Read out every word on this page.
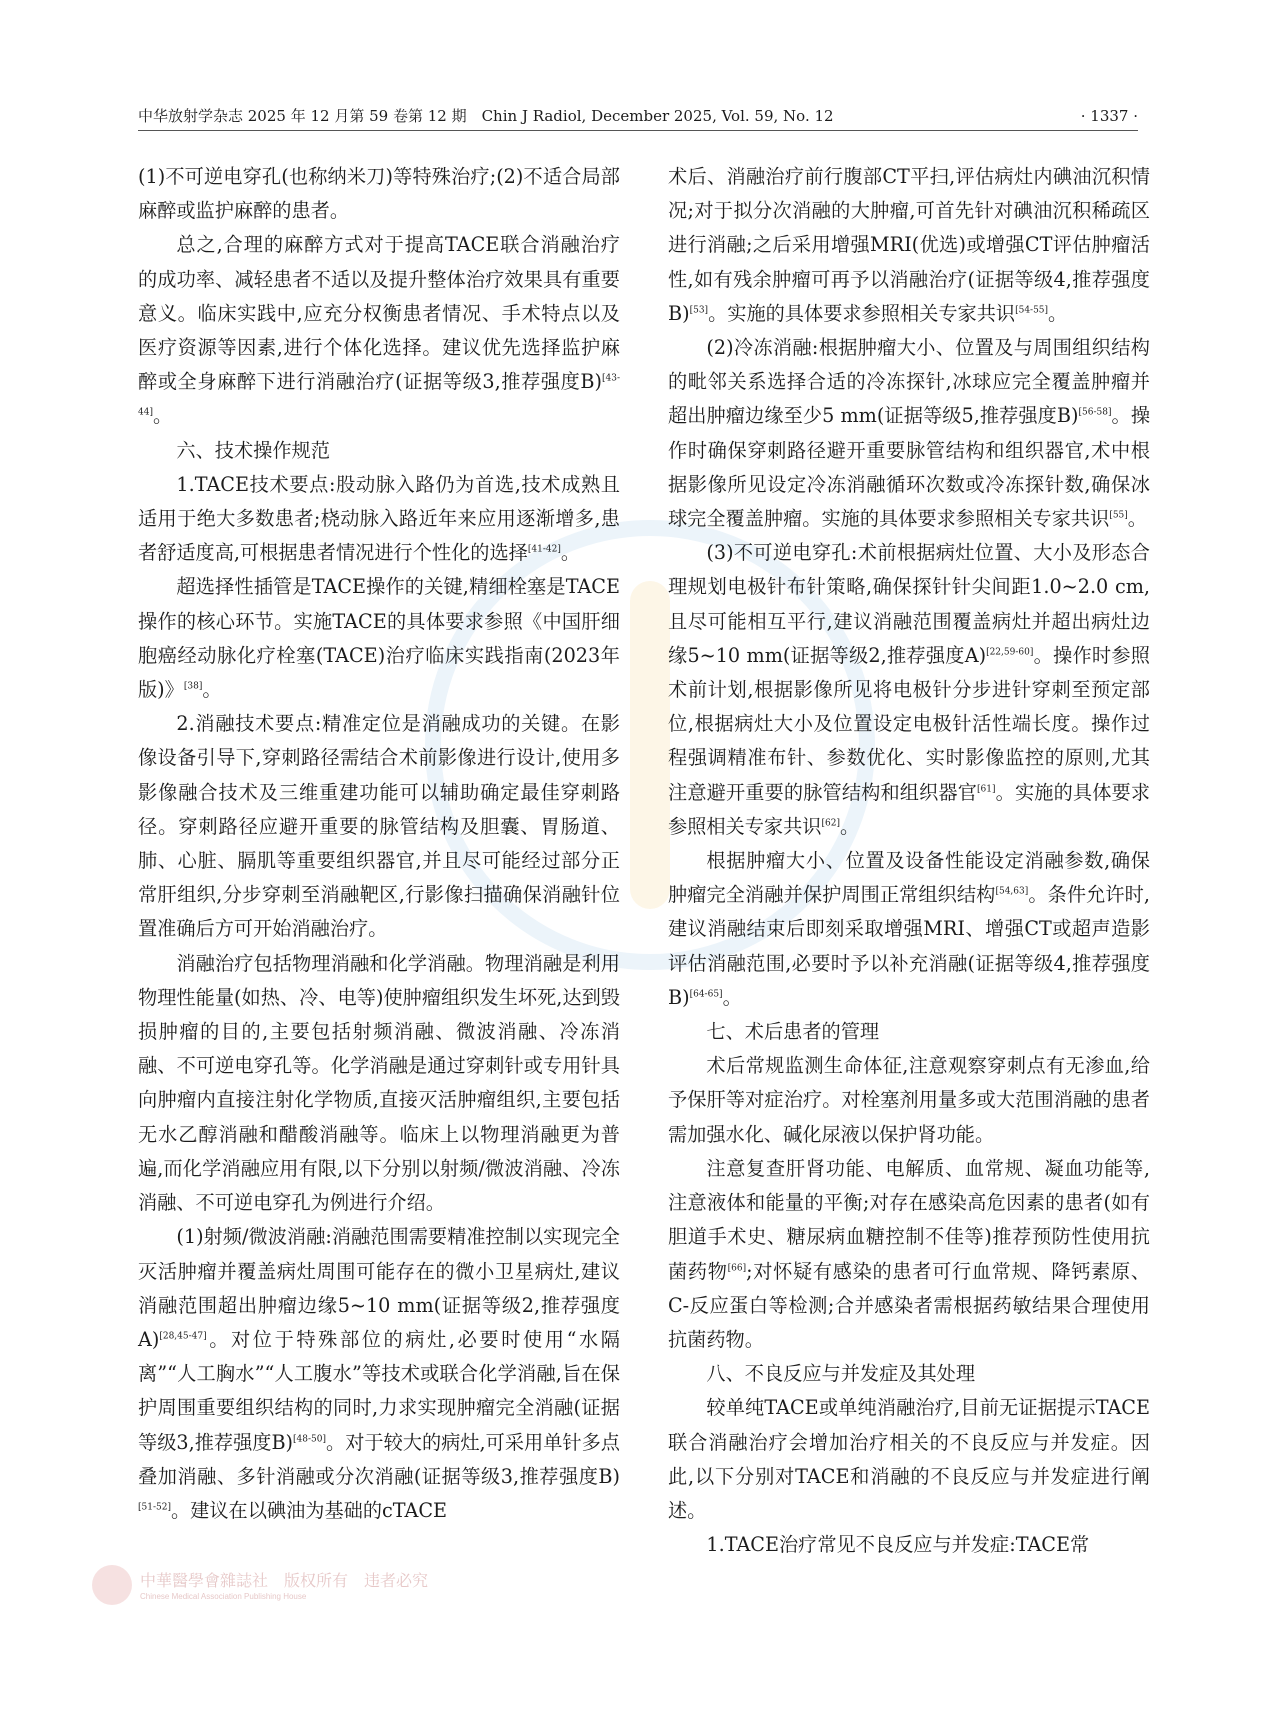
中华放射学杂志 2025 年 12 月第 59 卷第 12 期　Chin J Radiol, December 2025, Vol. 59, No. 12	· 1337 ·

(1)不可逆电穿孔(也称纳米刀)等特殊治疗;(2)不适合局部麻醉或监护麻醉的患者。

总之,合理的麻醉方式对于提高TACE联合消融治疗的成功率、减轻患者不适以及提升整体治疗效果具有重要意义。临床实践中,应充分权衡患者情况、手术特点以及医疗资源等因素,进行个体化选择。建议优先选择监护麻醉或全身麻醉下进行消融治疗(证据等级3,推荐强度B)[43-44]。

六、技术操作规范

1.TACE技术要点:股动脉入路仍为首选,技术成熟且适用于绝大多数患者;桡动脉入路近年来应用逐渐增多,患者舒适度高,可根据患者情况进行个性化的选择[41-42]。

超选择性插管是TACE操作的关键,精细栓塞是TACE操作的核心环节。实施TACE的具体要求参照《中国肝细胞癌经动脉化疗栓塞(TACE)治疗临床实践指南(2023年版)》[38]。

2.消融技术要点:精准定位是消融成功的关键。在影像设备引导下,穿刺路径需结合术前影像进行设计,使用多影像融合技术及三维重建功能可以辅助确定最佳穿刺路径。穿刺路径应避开重要的脉管结构及胆囊、胃肠道、肺、心脏、膈肌等重要组织器官,并且尽可能经过部分正常肝组织,分步穿刺至消融靶区,行影像扫描确保消融针位置准确后方可开始消融治疗。

消融治疗包括物理消融和化学消融。物理消融是利用物理性能量(如热、冷、电等)使肿瘤组织发生坏死,达到毁损肿瘤的目的,主要包括射频消融、微波消融、冷冻消融、不可逆电穿孔等。化学消融是通过穿刺针或专用针具向肿瘤内直接注射化学物质,直接灭活肿瘤组织,主要包括无水乙醇消融和醋酸消融等。临床上以物理消融更为普遍,而化学消融应用有限,以下分别以射频/微波消融、冷冻消融、不可逆电穿孔为例进行介绍。

(1)射频/微波消融:消融范围需要精准控制以实现完全灭活肿瘤并覆盖病灶周围可能存在的微小卫星病灶,建议消融范围超出肿瘤边缘5~10 mm(证据等级2,推荐强度A)[28,45-47]。对位于特殊部位的病灶,必要时使用“水隔离”“人工胸水”“人工腹水”等技术或联合化学消融,旨在保护周围重要组织结构的同时,力求实现肿瘤完全消融(证据等级3,推荐强度B)[48-50]。对于较大的病灶,可采用单针多点叠加消融、多针消融或分次消融(证据等级3,推荐强度B)[51-52]。建议在以碘油为基础的cTACE

术后、消融治疗前行腹部CT平扫,评估病灶内碘油沉积情况;对于拟分次消融的大肿瘤,可首先针对碘油沉积稀疏区进行消融;之后采用增强MRI(优选)或增强CT评估肿瘤活性,如有残余肿瘤可再予以消融治疗(证据等级4,推荐强度B)[53]。实施的具体要求参照相关专家共识[54-55]。

(2)冷冻消融:根据肿瘤大小、位置及与周围组织结构的毗邻关系选择合适的冷冻探针,冰球应完全覆盖肿瘤并超出肿瘤边缘至少5 mm(证据等级5,推荐强度B)[56-58]。操作时确保穿刺路径避开重要脉管结构和组织器官,术中根据影像所见设定冷冻消融循环次数或冷冻探针数,确保冰球完全覆盖肿瘤。实施的具体要求参照相关专家共识[55]。

(3)不可逆电穿孔:术前根据病灶位置、大小及形态合理规划电极针布针策略,确保探针针尖间距1.0~2.0 cm,且尽可能相互平行,建议消融范围覆盖病灶并超出病灶边缘5~10 mm(证据等级2,推荐强度A)[22,59-60]。操作时参照术前计划,根据影像所见将电极针分步进针穿刺至预定部位,根据病灶大小及位置设定电极针活性端长度。操作过程强调精准布针、参数优化、实时影像监控的原则,尤其注意避开重要的脉管结构和组织器官[61]。实施的具体要求参照相关专家共识[62]。

根据肿瘤大小、位置及设备性能设定消融参数,确保肿瘤完全消融并保护周围正常组织结构[54,63]。条件允许时,建议消融结束后即刻采取增强MRI、增强CT或超声造影评估消融范围,必要时予以补充消融(证据等级4,推荐强度B)[64-65]。

七、术后患者的管理

术后常规监测生命体征,注意观察穿刺点有无渗血,给予保肝等对症治疗。对栓塞剂用量多或大范围消融的患者需加强水化、碱化尿液以保护肾功能。

注意复查肝肾功能、电解质、血常规、凝血功能等,注意液体和能量的平衡;对存在感染高危因素的患者(如有胆道手术史、糖尿病血糖控制不佳等)推荐预防性使用抗菌药物[66];对怀疑有感染的患者可行血常规、降钙素原、C-反应蛋白等检测;合并感染者需根据药敏结果合理使用抗菌药物。

八、不良反应与并发症及其处理

较单纯TACE或单纯消融治疗,目前无证据提示TACE联合消融治疗会增加治疗相关的不良反应与并发症。因此,以下分别对TACE和消融的不良反应与并发症进行阐述。

1.TACE治疗常见不良反应与并发症:TACE常

中華醫學會雜誌社　版权所有　违者必究
Chinese Medical Association Publishing House
